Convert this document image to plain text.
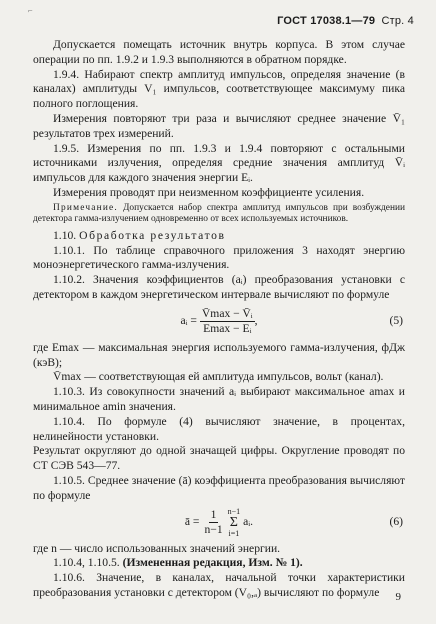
⌐
ГОСТ 17038.1—79 Стр. 4

Допускается помещать источник внутрь корпуса. В этом случае операции по пп. 1.9.2 и 1.9.3 выполняются в обратном порядке.

1.9.4. Набирают спектр амплитуд импульсов, определяя значение (в каналах) амплитуды V₁ импульсов, соответствующее максимуму пика полного поглощения.

Измерения повторяют три раза и вычисляют среднее значение V̄₁ результатов трех измерений.

1.9.5. Измерения по пп. 1.9.3 и 1.9.4 повторяют с остальными источниками излучения, определяя средние значения амплитуд V̄ᵢ импульсов для каждого значения энергии Eᵢ.

Измерения проводят при неизменном коэффициенте усиления.

Примечание. Допускается набор спектра амплитуд импульсов при возбуждении детектора гамма-излучением одновременно от всех используемых источников.

1.10. Обработка результатов

1.10.1. По таблице справочного приложения 3 находят энергию моноэнергетического гамма-излучения.

1.10.2. Значения коэффициентов (aᵢ) преобразования установки с детектором в каждом энергетическом интервале вычисляют по формуле

aᵢ = $\frac{\text{V̄max − V̄ᵢ}}{\text{Emax − Eᵢ}}$ ,	(5)

где Emax — максимальная энергия используемого гамма-излучения, фДж (кэВ);

V̄max — соответствующая ей амплитуда импульсов, вольт (канал).

1.10.3. Из совокупности значений aᵢ выбирают максимальное amax и минимальное amin значения.

1.10.4. По формуле (4) вычисляют значение, в процентах, нелинейности установки.

Результат округляют до одной значащей цифры. Округление проводят по СТ СЭВ 543—77.

1.10.5. Среднее значение (ā) коэффициента преобразования вычисляют по формуле

ā = $\frac{1}{n-1} n-1$
Σ
i=1
aᵢ.	(6)

где n — число использованных значений энергии.

1.10.4, 1.10.5. (Измененная редакция, Изм. № 1).

1.10.6. Значение, в каналах, начальной точки характеристики преобразования установки с детектором (V₀,ₐ) вычисляют по формуле	9
